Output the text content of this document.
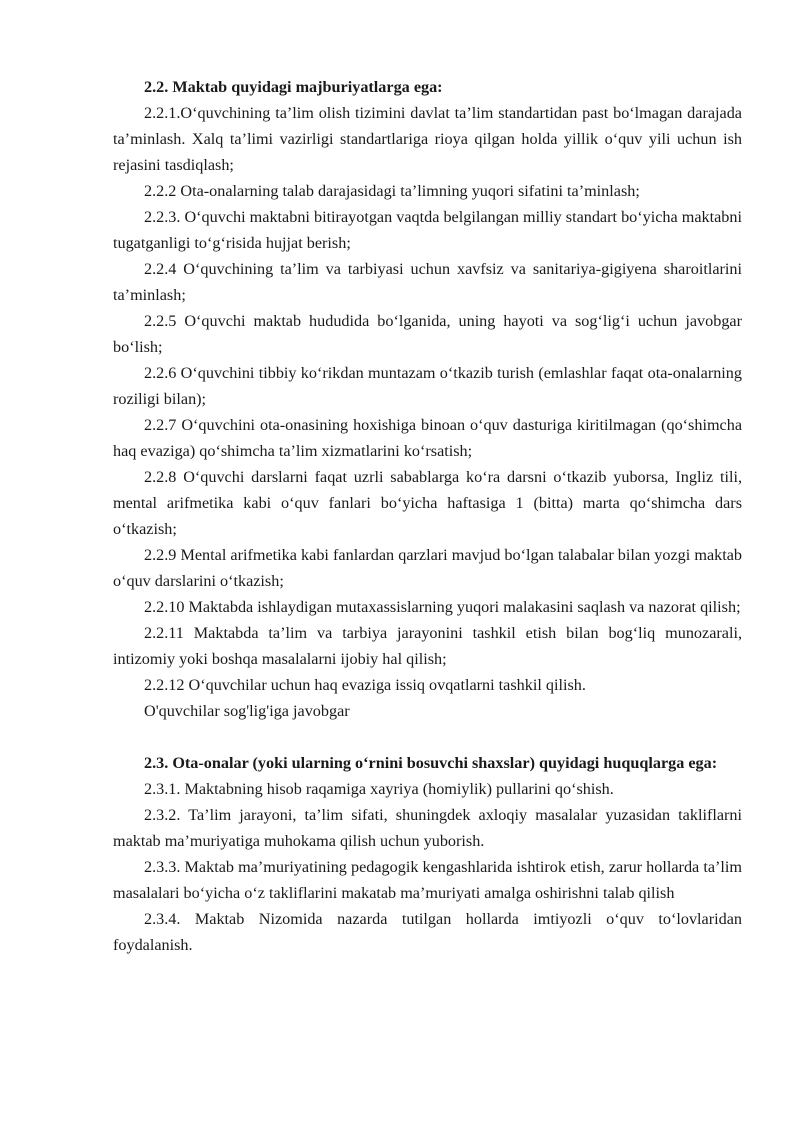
2.2. Maktab quyidagi majburiyatlarga ega:

2.2.1.O‘quvchining ta’lim olish tizimini davlat ta’lim standartidan past bo‘lmagan darajada ta’minlash. Xalq ta’limi vazirligi standartlariga rioya qilgan holda yillik o‘quv yili uchun ish rejasini tasdiqlash;

2.2.2 Ota-onalarning talab darajasidagi ta’limning yuqori sifatini ta’minlash;

2.2.3. O‘quvchi maktabni bitirayotgan vaqtda belgilangan milliy standart bo‘yicha maktabni tugatganligi to‘g‘risida hujjat berish;

2.2.4 O‘quvchining ta’lim va tarbiyasi uchun xavfsiz va sanitariya-gigiyena sharoitlarini ta’minlash;

2.2.5 O‘quvchi maktab hududida bo‘lganida, uning hayoti va sog‘lig‘i uchun javobgar bo‘lish;

2.2.6 O‘quvchini tibbiy ko‘rikdan muntazam o‘tkazib turish (emlashlar faqat ota-onalarning roziligi bilan);

2.2.7 O‘quvchini ota-onasining hoxishiga binoan o‘quv dasturiga kiritilmagan (qo‘shimcha haq evaziga) qo‘shimcha ta’lim xizmatlarini ko‘rsatish;

2.2.8 O‘quvchi darslarni faqat uzrli sabablarga ko‘ra darsni o‘tkazib yuborsa, Ingliz tili, mental arifmetika kabi o‘quv fanlari bo‘yicha haftasiga 1 (bitta) marta qo‘shimcha dars o‘tkazish;

2.2.9 Mental arifmetika kabi fanlardan qarzlari mavjud bo‘lgan talabalar bilan yozgi maktab o‘quv darslarini o‘tkazish;

2.2.10 Maktabda ishlaydigan mutaxassislarning yuqori malakasini saqlash va nazorat qilish;

2.2.11 Maktabda ta’lim va tarbiya jarayonini tashkil etish bilan bog‘liq munozarali, intizomiy yoki boshqa masalalarni ijobiy hal qilish;

2.2.12 O‘quvchilar uchun haq evaziga issiq ovqatlarni tashkil qilish.

O'quvchilar sog'lig'iga javobgar

2.3. Ota-onalar (yoki ularning o‘rnini bosuvchi shaxslar) quyidagi huquqlarga ega:

2.3.1. Maktabning hisob raqamiga xayriya (homiylik) pullarini qo‘shish.

2.3.2. Ta’lim jarayoni, ta’lim sifati, shuningdek axloqiy masalalar yuzasidan takliflarni maktab ma’muriyatiga muhokama qilish uchun yuborish.

2.3.3. Maktab ma’muriyatining pedagogik kengashlarida ishtirok etish, zarur hollarda ta’lim masalalari bo‘yicha o‘z takliflarini makatab ma’muriyati amalga oshirishni talab qilish

2.3.4. Maktab Nizomida nazarda tutilgan hollarda imtiyozli o‘quv to‘lovlaridan foydalanish.
